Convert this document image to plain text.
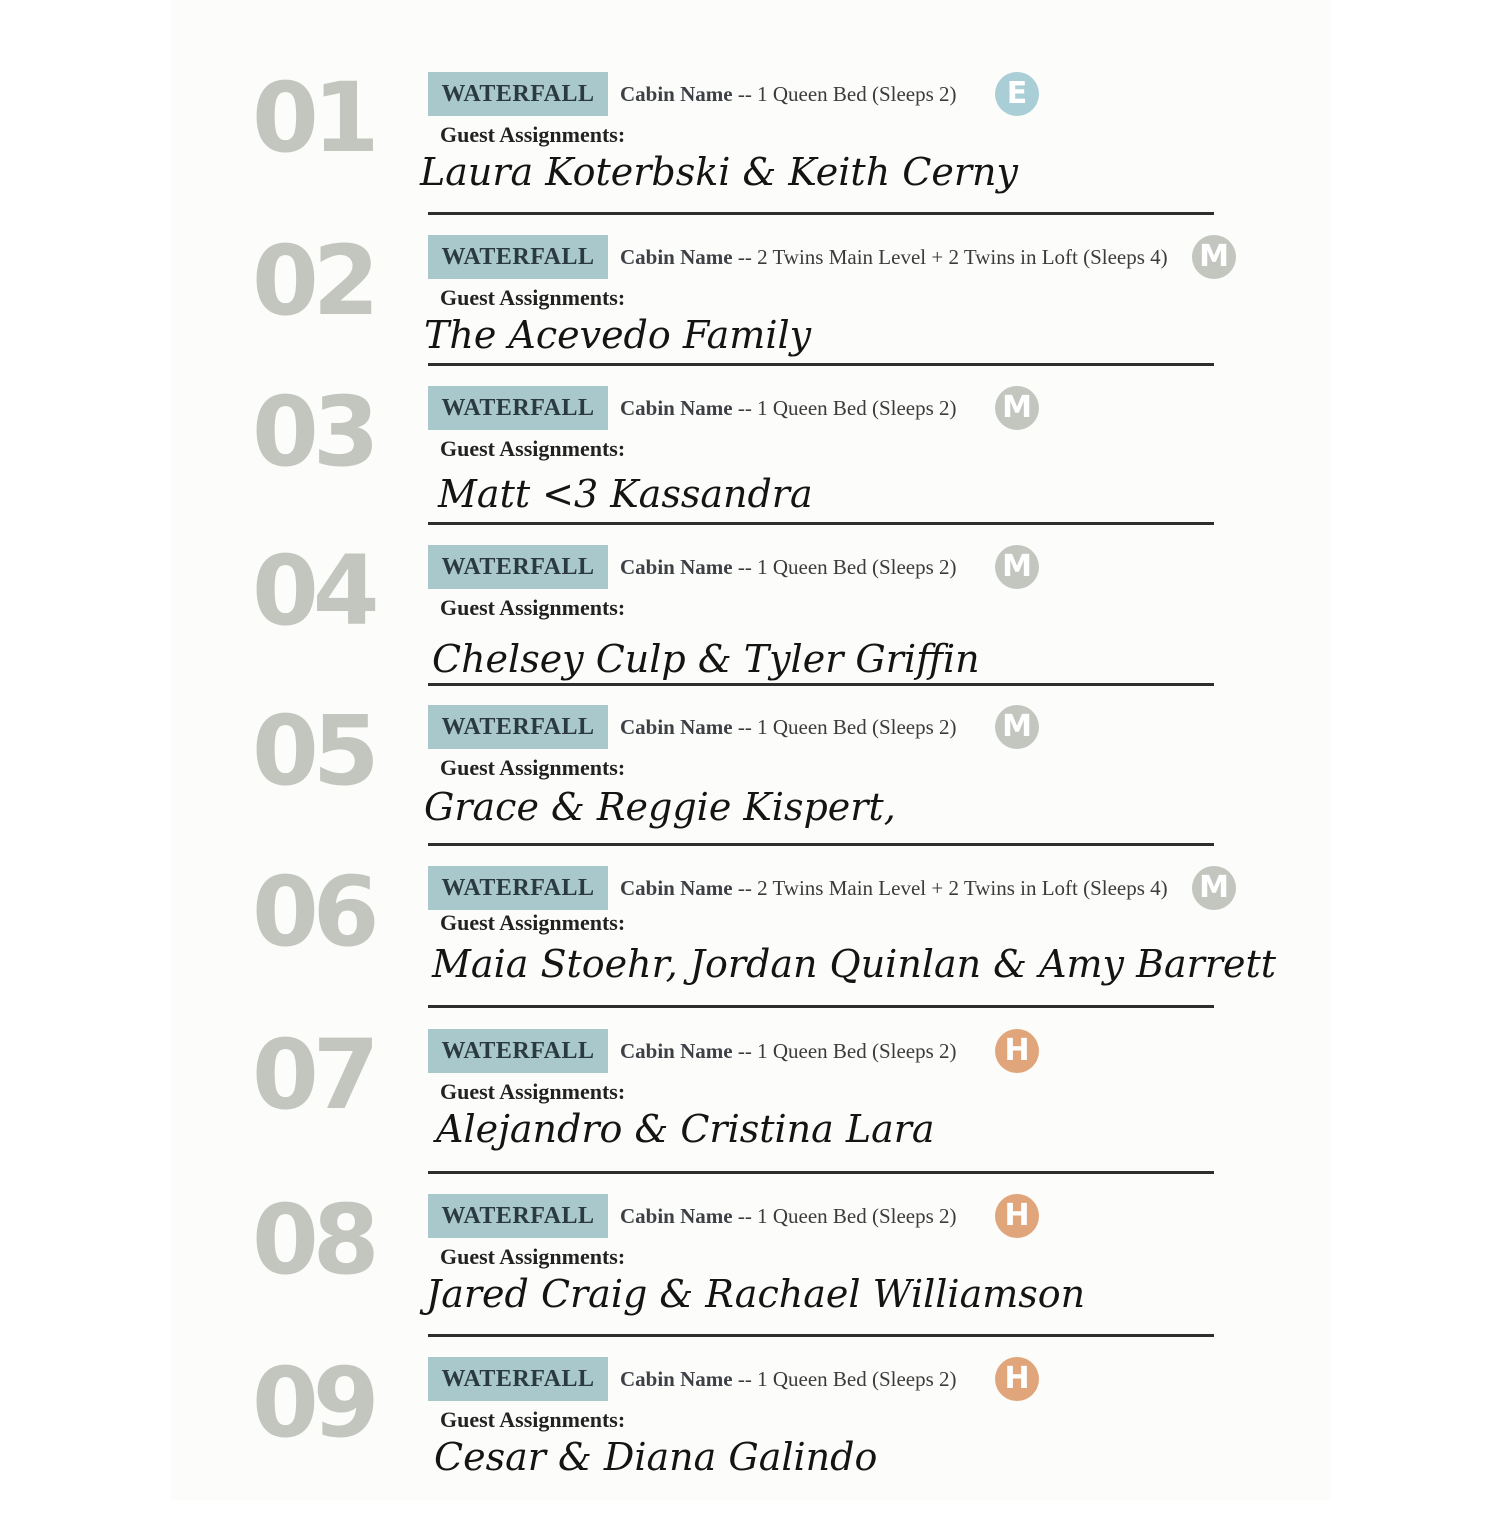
01	WATERFALL	Cabin Name -- 1 Queen Bed (Sleeps 2)	E
Guest Assignments:
Laura Koterbski & Keith Cerny
02	WATERFALL	Cabin Name -- 2 Twins Main Level + 2 Twins in Loft (Sleeps 4) M
Guest Assignments:
The Acevedo Family
03	WATERFALL	Cabin Name -- 1 Queen Bed (Sleeps 2) M
Guest Assignments:
Matt <3 Kassandra
04	WATERFALL	Cabin Name -- 1 Queen Bed (Sleeps 2) M
Guest Assignments:
Chelsey Culp & Tyler Griffin
05	WATERFALL	Cabin Name -- 1 Queen Bed (Sleeps 2) M
Guest Assignments:
Grace & Reggie Kispert,
06	WATERFALL	Cabin Name -- 2 Twins Main Level + 2 Twins in Loft (Sleeps 4) M
Guest Assignments:
Maia Stoehr, Jordan Quinlan & Amy Barrett
07	WATERFALL	Cabin Name -- 1 Queen Bed (Sleeps 2)	H
Guest Assignments:
Alejandro & Cristina Lara
08	WATERFALL	Cabin Name -- 1 Queen Bed (Sleeps 2)	H
Guest Assignments:
Jared Craig & Rachael Williamson
09	WATERFALL	Cabin Name -- 1 Queen Bed (Sleeps 2)	H
Guest Assignments:
Cesar & Diana Galindo
